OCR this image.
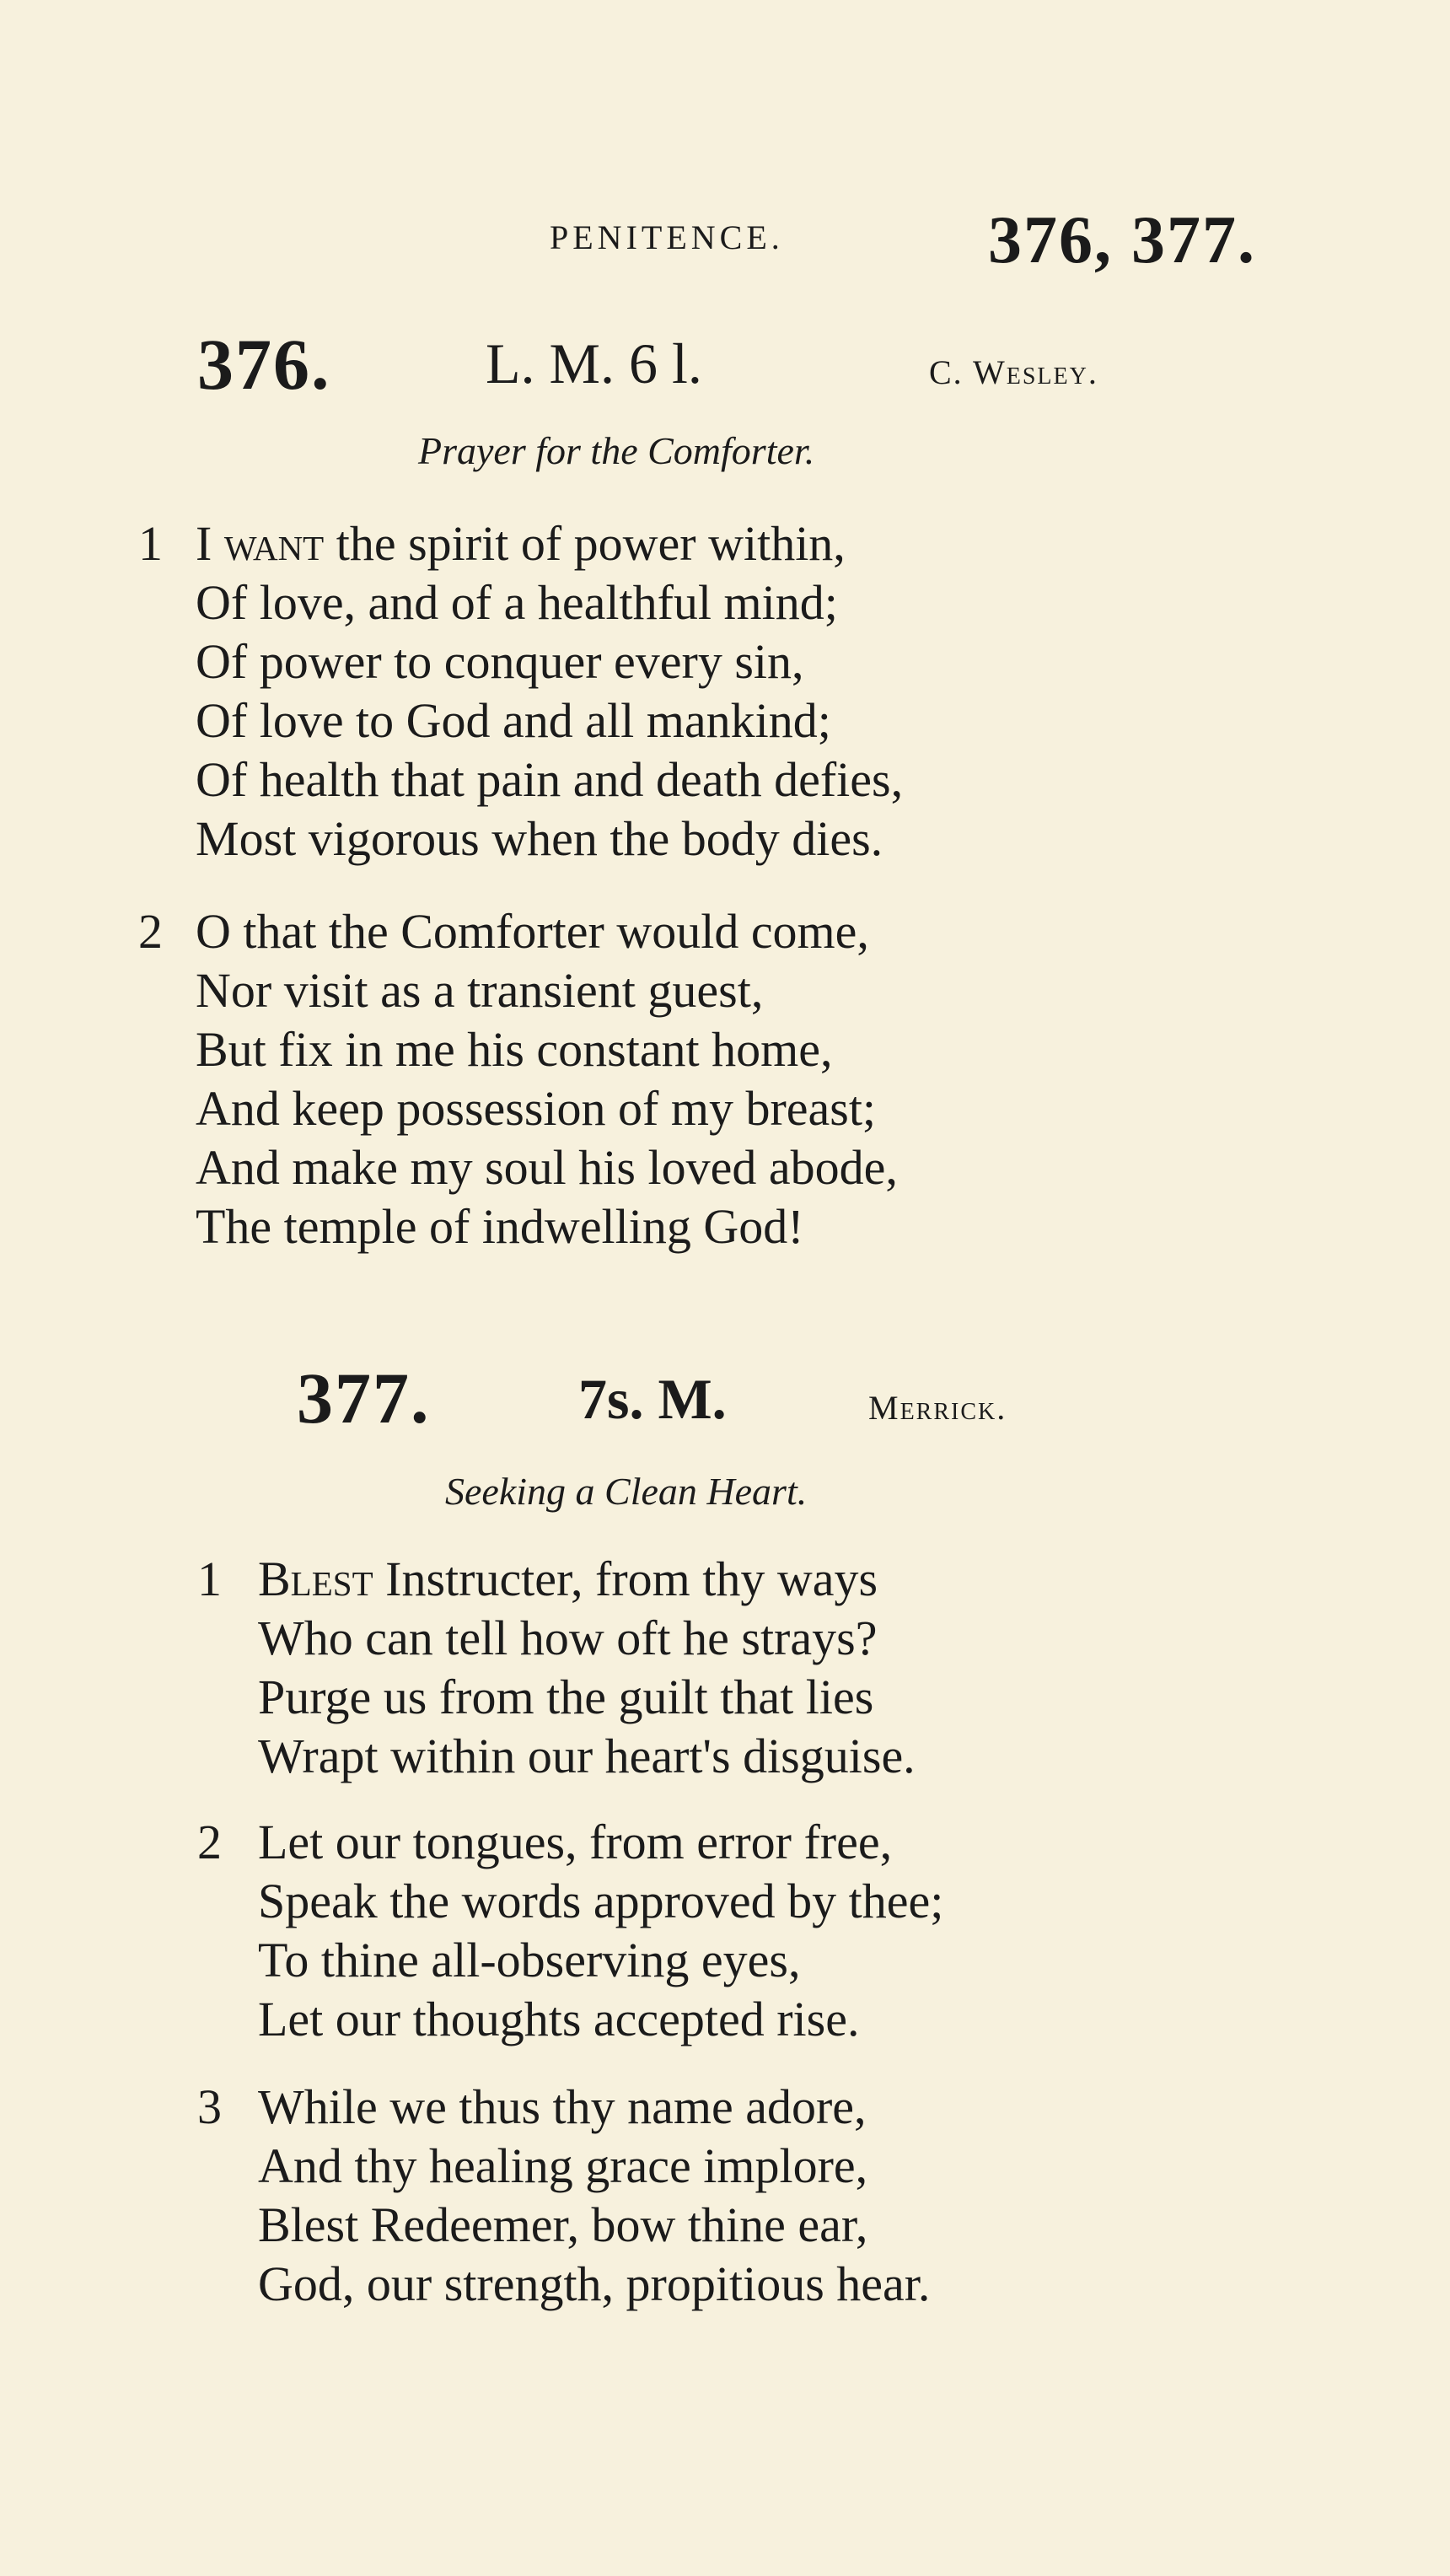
PENITENCE.	376, 377.
376.	L. M. 6 l.	C. Wesley.
Prayer for the Comforter.
1 I want the spirit of power within,
Of love, and of a healthful mind;
Of power to conquer every sin,
Of love to God and all mankind;
Of health that pain and death defies,
Most vigorous when the body dies.
2 O that the Comforter would come,
Nor visit as a transient guest,
But fix in me his constant home,
And keep possession of my breast;
And make my soul his loved abode,
The temple of indwelling God!
377.	7s. M.	Merrick.
Seeking a Clean Heart.
1 Blest Instructer, from thy ways
Who can tell how oft he strays?
Purge us from the guilt that lies
Wrapt within our heart's disguise.
2 Let our tongues, from error free,
Speak the words approved by thee;
To thine all-observing eyes,
Let our thoughts accepted rise.
3 While we thus thy name adore,
And thy healing grace implore,
Blest Redeemer, bow thine ear,
God, our strength, propitious hear.
